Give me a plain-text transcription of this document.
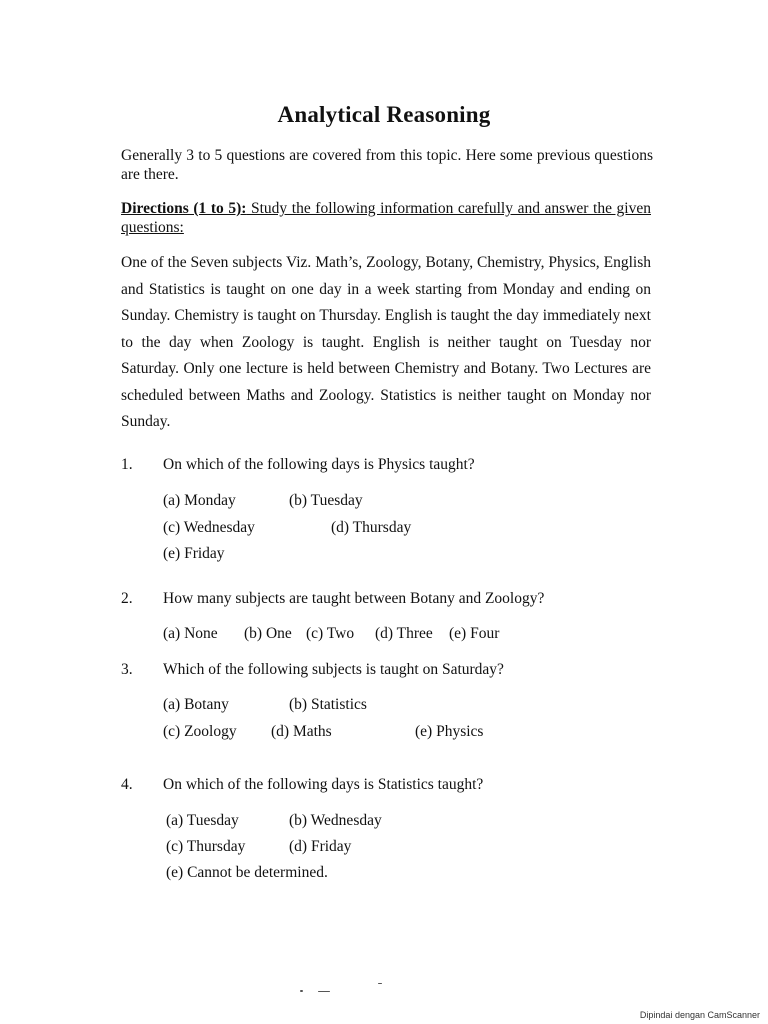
Analytical Reasoning
Generally 3 to 5 questions are covered from this topic. Here some previous questions are there.
Directions (1 to 5): Study the following information carefully and answer the given questions:
One of the Seven subjects Viz. Math’s, Zoology, Botany, Chemistry, Physics, English and Statistics is taught on one day in a week starting from Monday and ending on Sunday. Chemistry is taught on Thursday. English is taught the day immediately next to the day when Zoology is taught. English is neither taught on Tuesday nor Saturday. Only one lecture is held between Chemistry and Botany. Two Lectures are scheduled between Maths and Zoology. Statistics is neither taught on Monday nor Sunday.
1. On which of the following days is Physics taught?
(a) Monday	(b) Tuesday
(c) Wednesday	(d) Thursday
(e) Friday
2. How many subjects are taught between Botany and Zoology?
(a) None (b) One (c) Two (d) Three (e) Four
3. Which of the following subjects is taught on Saturday?
(a) Botany	(b) Statistics
(c) Zoology (d) Maths	(e) Physics
4. On which of the following days is Statistics taught?
(a) Tuesday	(b) Wednesday
(c) Thursday	(d) Friday
(e) Cannot be determined.
Dipindai dengan CamScanner
